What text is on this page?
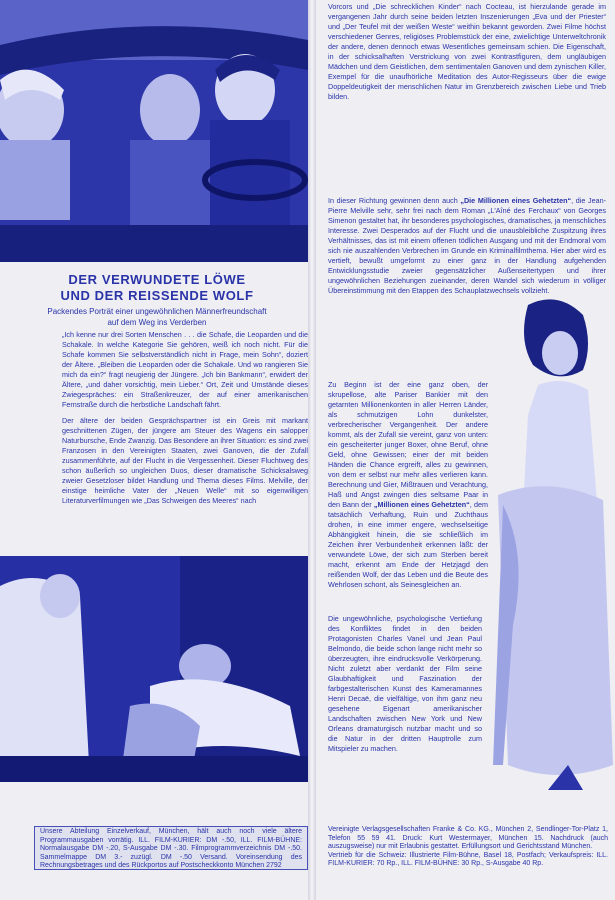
DER VERWUNDETE LÖWE
UND DER REISSENDE WOLF
Packendes Porträt einer ungewöhnlichen Männerfreundschaft
auf dem Weg ins Verderben

„Ich kenne nur drei Sorten Menschen . . . die Schafe, die Leoparden und die Schakale. In welche Kategorie Sie gehören, weiß ich noch nicht. Für die Schafe kommen Sie selbstverständlich nicht in Frage, mein Sohn“, doziert der Ältere. „Bleiben die Leoparden oder die Schakale. Und wo rangieren Sie mich da ein?“ fragt neugierig der Jüngere. „Ich bin Bankmann“, erwidert der Ältere, „und daher vorsichtig, mein Lieber.“ Ort, Zeit und Umstände dieses Zwiegespräches: ein Straßenkreuzer, der auf einer amerikanischen Fernstraße durch die herbstliche Landschaft fährt.

Der ältere der beiden Gesprächspartner ist ein Greis mit markant geschnittenen Zügen, der jüngere am Steuer des Wagens ein salopper Naturbursche, Ende Zwanzig. Das Besondere an ihrer Situation: es sind zwei Franzosen in den Vereinigten Staaten, zwei Ganoven, die der Zufall zusammenführte, auf der Flucht in die Vergessenheit. Dieser Fluchtweg des schon äußerlich so ungleichen Duos, dieser dramatische Schicksalsweg zweier Gesetzloser bildet Handlung und Thema dieses Films. Melville, der einstige heimliche Vater der „Neuen Welle“ mit so eigenwilligen Literaturverfilmungen wie „Das Schweigen des Meeres“ nach

Vorcors und „Die schrecklichen Kinder“ nach Cocteau, ist hierzulande gerade im vergangenen Jahr durch seine beiden letzten Inszenierungen „Eva und der Priester“ und „Der Teufel mit der weißen Weste“ weithin bekannt geworden. Zwei Filme höchst verschiedener Genres, religiöses Problemstück der eine, zwielichtige Unterweltchronik der andere, denen dennoch etwas Wesentliches gemeinsam schien. Die Eigenschaft, in der schicksalhaften Verstrickung von zwei Kontrastfiguren, dem ungläubigen Mädchen und dem Geistlichen, dem sentimentalen Ganoven und dem zynischen Killer, Exempel für die unaufhörliche Meditation des Autor-Regisseurs über die ewige Doppeldeutigkeit der menschlichen Natur im Grenzbereich zwischen Liebe und Trieb bilden.

In dieser Richtung gewinnen denn auch „Die Millionen eines Gehetzten“, die Jean-Pierre Melville sehr, sehr frei nach dem Roman „L'Aîné des Ferchaux“ von Georges Simenon gestaltet hat, ihr besonderes psychologisches, dramatisches, ja menschliches Interesse. Zwei Desperados auf der Flucht und die unausbleibliche Zuspitzung ihres Verhältnisses, das ist mit einem offenen tödlichen Ausgang und mit der Endmoral vom sich nie auszahlenden Verbrechen im Grunde ein Kriminalfilmthema. Hier aber wird es vertieft, bewußt umgeformt zu einer ganz in der Handlung aufgehenden Entwicklungsstudie zweier gegensätzlicher Außenseitertypen und ihrer ungewöhnlichen Beziehungen zueinander, deren Wandel sich wiederum in völliger Übereinstimmung mit den Etappen des Schauplatzwechsels vollzieht.

Zu Beginn ist der eine ganz oben, der skrupellose, alte Pariser Bankier mit den getarnten Millionenkonten in aller Herren Länder, als schmutzigen Lohn dunkelster, verbrecherischer Vergangenheit. Der andere kommt, als der Zufall sie vereint, ganz von unten: ein gescheiterter junger Boxer, ohne Beruf, ohne Geld, ohne Gewissen; einer der mit beiden Händen die Chance ergreift, alles zu gewinnen, von dem er selbst nur mehr alles verlieren kann. Berechnung und Gier, Mißtrauen und Verachtung, Haß und Angst zwingen dies seltsame Paar in den Bann der „Millionen eines Gehetzten“, dem tatsächlich Verhaftung, Ruin und Zuchthaus drohen, in eine immer engere, wechselseitige Abhängigkeit hinein, die sie schließlich im Zeichen ihrer Verbundenheit erkennen läßt: der verwundete Löwe, der sich zum Sterben bereit macht, erkennt am Ende der Hetzjagd den reißenden Wolf, der das Leben und die Beute des Wehrlosen schont, als Seinesgleichen an.

Die ungewöhnliche, psychologische Vertiefung des Konfliktes findet in den beiden Protagonisten Charles Vanel und Jean Paul Belmondo, die beide schon lange nicht mehr so überzeugten, ihre eindrucksvolle Verkörperung. Nicht zuletzt aber verdankt der Film seine Glaubhaftigkeit und Faszination der farbgestalterischen Kunst des Kameramannes Henri Decaë, die vielfältige, von ihm ganz neu gesehene Eigenart amerikanischer Landschaften zwischen New York und New Orleans dramaturgisch nutzbar macht und so die Natur in der dritten Hauptrolle zum Mitspieler zu machen.

Unsere Abteilung Einzelverkauf, München, hält auch noch viele ältere Programmausgaben vorrätig. ILL. FILM-KURIER: DM -.50, ILL. FILM-BÜHNE: Normalausgabe DM -.20, S-Ausgabe DM -.30. Filmprogrammverzeichnis DM -.50. Sammelmappe DM 3.- zuzügl. DM -.50 Versand. Voreinsendung des Rechnungsbetrages und des Rückportos auf Postscheckkonto München 2792

Vereinigte Verlagsgesellschaften Franke & Co. KG., München 2, Sendlinger-Tor-Platz 1, Telefon 55 59 41. Druck: Kurt Westermayer, München 15. Nachdruck (auch auszugsweise) nur mit Erlaubnis gestattet. Erfüllungsort und Gerichtsstand München.

Vertrieb für die Schweiz: Illustrierte Film-Bühne, Basel 18, Postfach; Verkaufspreis: ILL. FILM-KURIER: 70 Rp., ILL. FILM-BÜHNE: 30 Rp., S-Ausgabe 40 Rp.
